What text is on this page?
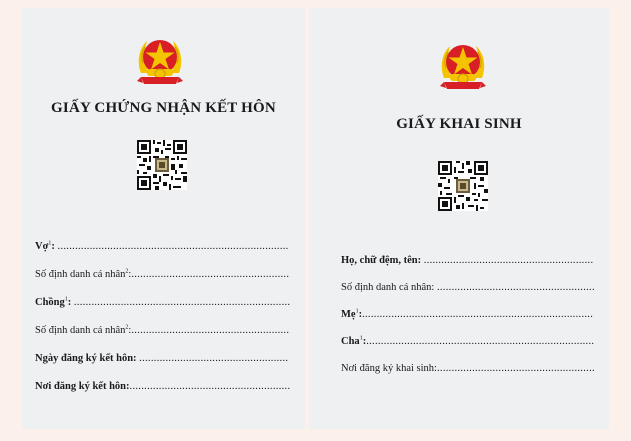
GIẤY CHỨNG NHẬN KẾT HÔN
Vợ$^1$: ...............................................................................
Số định danh cá nhân$^2$:......................................................
Chồng$^1$: ..........................................................................
Số định danh cá nhân$^2$:......................................................
Ngày đăng ký kết hôn: ...................................................
Nơi đăng ký kết hôn:.......................................................
GIẤY KHAI SINH
Họ, chữ đệm, tên: ..........................................................
Số định danh cá nhân: ......................................................
Mẹ$^1$:...............................................................................
Cha$^1$:..............................................................................
Nơi đăng ký khai sinh:......................................................
